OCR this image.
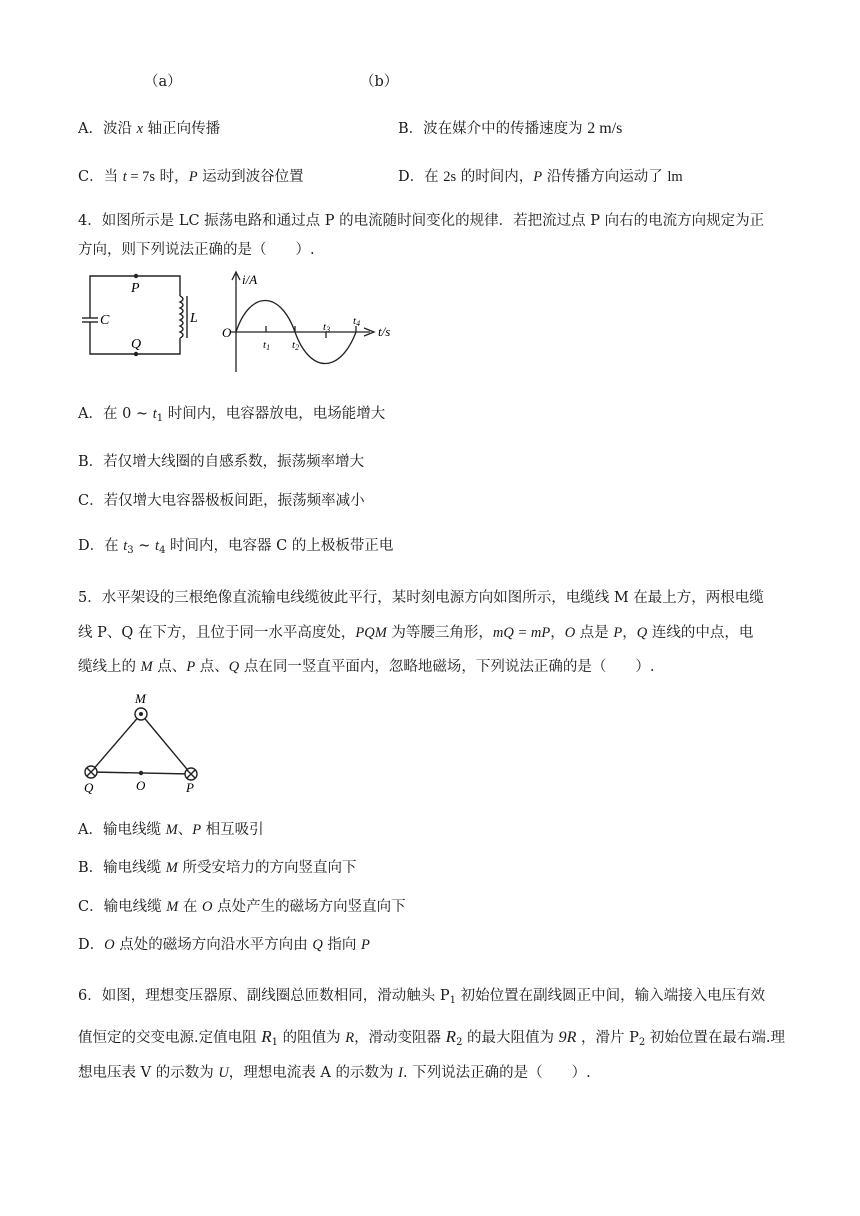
（a）	（b）
A．波沿 x 轴正向传播	B．波在媒介中的传播速度为 2 m/s
C．当 t = 7s 时，P 运动到波谷位置	D．在 2s 的时间内，P 沿传播方向运动了 lm
4．如图所示是 LC 振荡电路和通过点 P 的电流随时间变化的规律．若把流过点 P 向右的电流方向规定为正
方向，则下列说法正确的是（　　）.
C
P
Q
L
i/A
t/s
O
t1 t2
t3
t4
A．在 0 ~ $t_1$ 时间内，电容器放电，电场能增大
B．若仅增大线圈的自感系数，振荡频率增大
C．若仅增大电容器极板间距，振荡频率减小
D．在 $t_3$ ~ $t_4$ 时间内，电容器 C 的上极板带正电
5．水平架设的三根绝像直流输电线缆彼此平行，某时刻电源方向如图所示，电缆线 M 在最上方，两根电缆
线 P、Q 在下方，且位于同一水平高度处，PQM 为等腰三角形，mQ = mP，O 点是 P，Q 连线的中点，电
缆线上的 M 点、P 点、Q 点在同一竖直平面内，忽略地磁场，下列说法正确的是（　　）.
M
Q	O	P
A．输电线缆 M、P 相互吸引
B．输电线缆 M 所受安培力的方向竖直向下
C．输电线缆 M 在 O 点处产生的磁场方向竖直向下
D．O 点处的磁场方向沿水平方向由 Q 指向 P
6．如图，理想变压器原、副线圈总匝数相同，滑动触头 $P_1$ 初始位置在副线圆正中间，输入端接入电压有效
值恒定的交变电源.定值电阻 $R_1$ 的阻值为 R，滑动变阻器 $R_2$ 的最大阻值为 9R ，滑片 $P_2$ 初始位置在最右端.理
想电压表 V 的示数为 U，理想电流表 A 的示数为 I. 下列说法正确的是（　　）.
